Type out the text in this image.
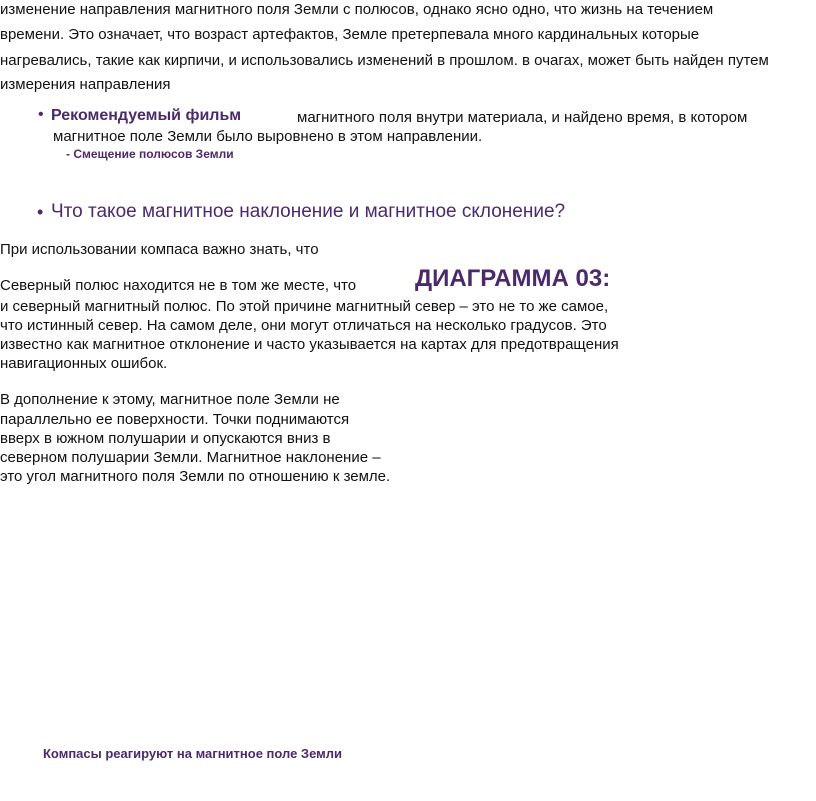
изменение направления магнитного поля Земли с полюсов, однако ясно одно, что жизнь на течением
времени. Это означает, что возраст артефактов, Земле претерпевала много кардинальных которые
нагревались, такие как кирпичи, и использовались изменений в прошлом. в очагах, может быть найден путем
измерения направления
• Рекомендуемый фильм	магнитного поля внутри материала, и найдено время, в котором
магнитное поле Земли было выровнено в этом направлении.
- Смещение полюсов Земли
• Что такое магнитное наклонение и магнитное склонение?
При использовании компаса важно знать, что
Северный полюс находится не в том же месте, что ДИАГРАММА 03:
и северный магнитный полюс. По этой причине магнитный север – это не то же самое,
что истинный север. На самом деле, они могут отличаться на несколько градусов. Это
известно как магнитное отклонение и часто указывается на картах для предотвращения
навигационных ошибок.
В дополнение к этому, магнитное поле Земли не
параллельно ее поверхности. Точки поднимаются
вверх в южном полушарии и опускаются вниз в
северном полушарии Земли. Магнитное наклонение –
это угол магнитного поля Земли по отношению к земле.
Компасы реагируют на магнитное поле Земли
